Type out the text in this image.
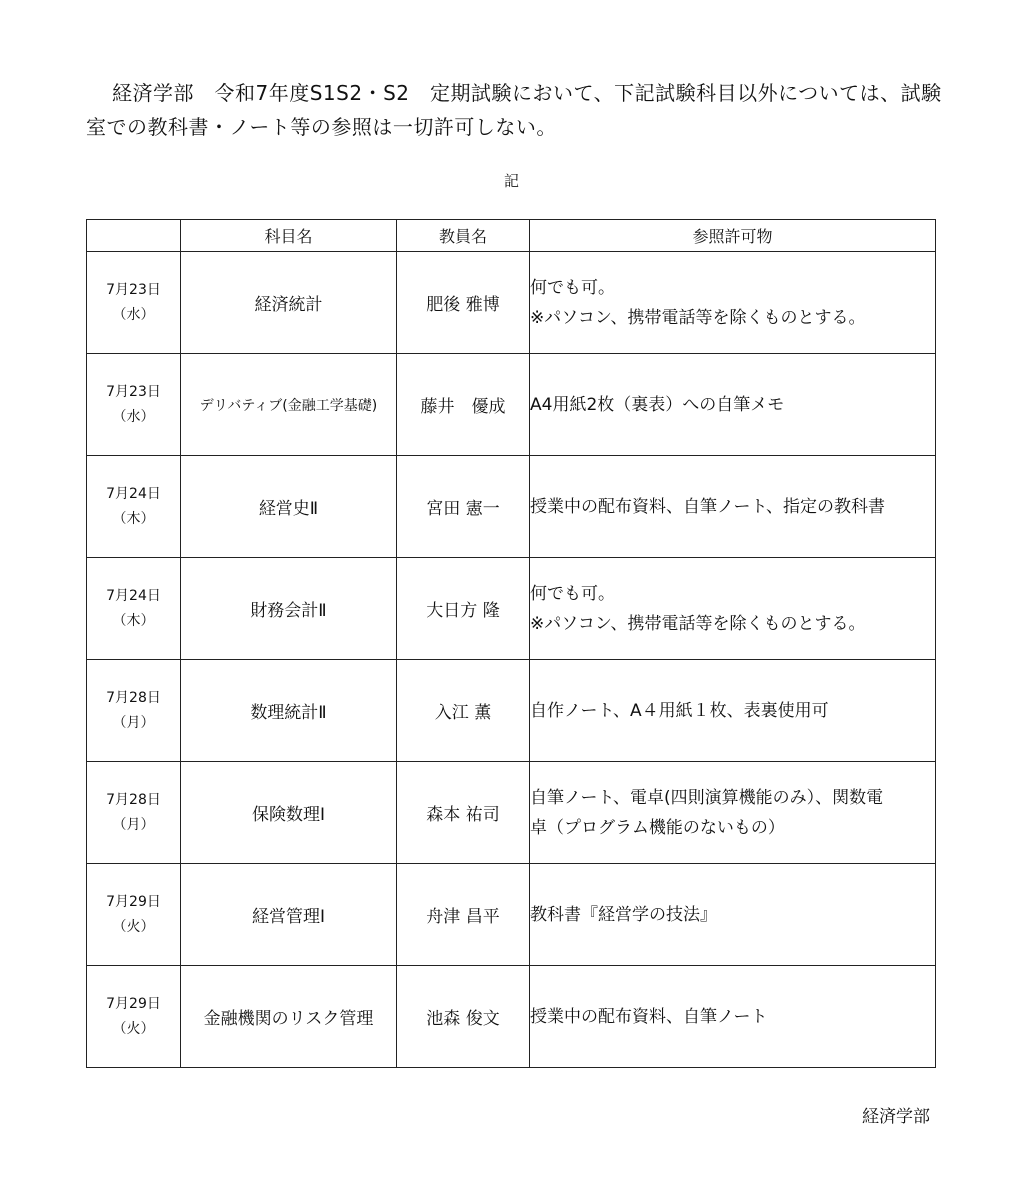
経済学部　令和7年度S1S2・S2　定期試験において、下記試験科目以外については、試験室での教科書・ノート等の参照は一切許可しない。

記
	科目名	教員名	参照許可物

7月23日
（水）	経済統計	肥後 雅博	何でも可。
※パソコン、携帯電話等を除くものとする。

7月23日
（水）	デリバティブ(金融工学基礎)	藤井　優成	A4用紙2枚（裏表）への自筆メモ

7月24日
（木）	経営史Ⅱ	宮田 憲一	授業中の配布資料、自筆ノート、指定の教科書

7月24日
（木）	財務会計Ⅱ	大日方 隆	何でも可。
※パソコン、携帯電話等を除くものとする。

7月28日
（月）	数理統計Ⅱ	入江 薫	自作ノート、A４用紙１枚、表裏使用可

7月28日
（月）	保険数理Ⅰ	森本 祐司	自筆ノート、電卓(四則演算機能のみ）、関数電
卓（プログラム機能のないもの）

7月29日
（火）	経営管理Ⅰ	舟津 昌平	教科書『経営学の技法』

7月29日
（火）	金融機関のリスク管理	池森 俊文	授業中の配布資料、自筆ノート
経済学部
